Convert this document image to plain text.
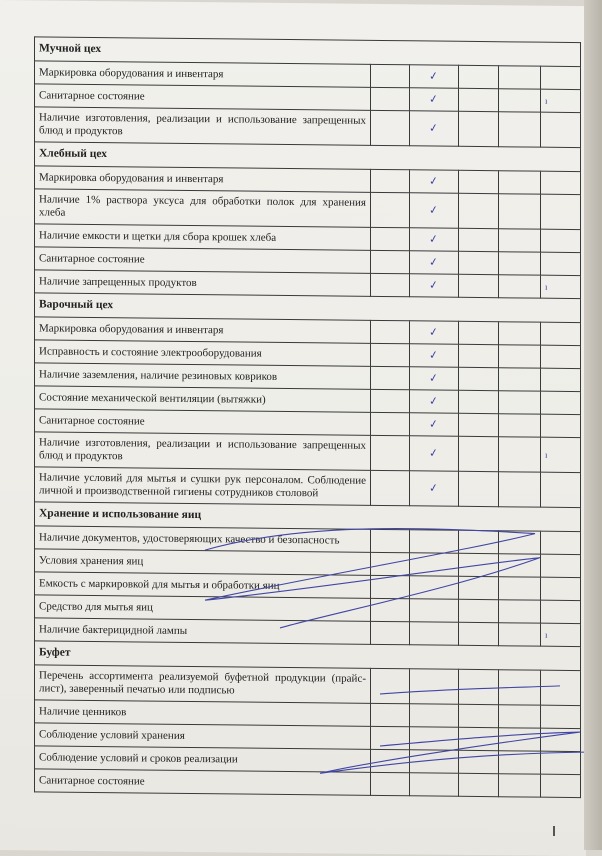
Мучной цех					
Маркировка оборудования и инвентаря		✓			
Санитарное состояние		✓			ı
Наличие изготовления, реализации и использование запрещенных блюд и продуктов		✓			
Хлебный цех					
Маркировка оборудования и инвентаря		✓			
Наличие 1% раствора уксуса для обработки полок для хранения хлеба		✓			
Наличие емкости и щетки для сбора крошек хлеба		✓			
Санитарное состояние		✓			
Наличие запрещенных продуктов		✓			ı
Варочный цех					
Маркировка оборудования и инвентаря		✓			
Исправность и состояние электрооборудования		✓			
Наличие заземления, наличие резиновых ковриков		✓			
Состояние механической вентиляции (вытяжки)		✓			
Санитарное состояние		✓			
Наличие изготовления, реализации и использование запрещенных блюд и продуктов		✓			ı
Наличие условий для мытья и сушки рук персоналом. Соблюдение личной и производственной гигиены сотрудников столовой		✓			
Хранение и использование яиц					
Наличие документов, удостоверяющих качество и безопасность					
Условия хранения яиц					
Емкость с маркировкой для мытья и обработки яиц					
Средство для мытья яиц					
Наличие бактерицидной лампы					ı
Буфет					
Перечень ассортимента реализуемой буфетной продукции (прайс-лист), заверенный печатью или подписью					
Наличие ценников					
Соблюдение условий хранения					
Соблюдение условий и сроков реализации					
Санитарное состояние					
